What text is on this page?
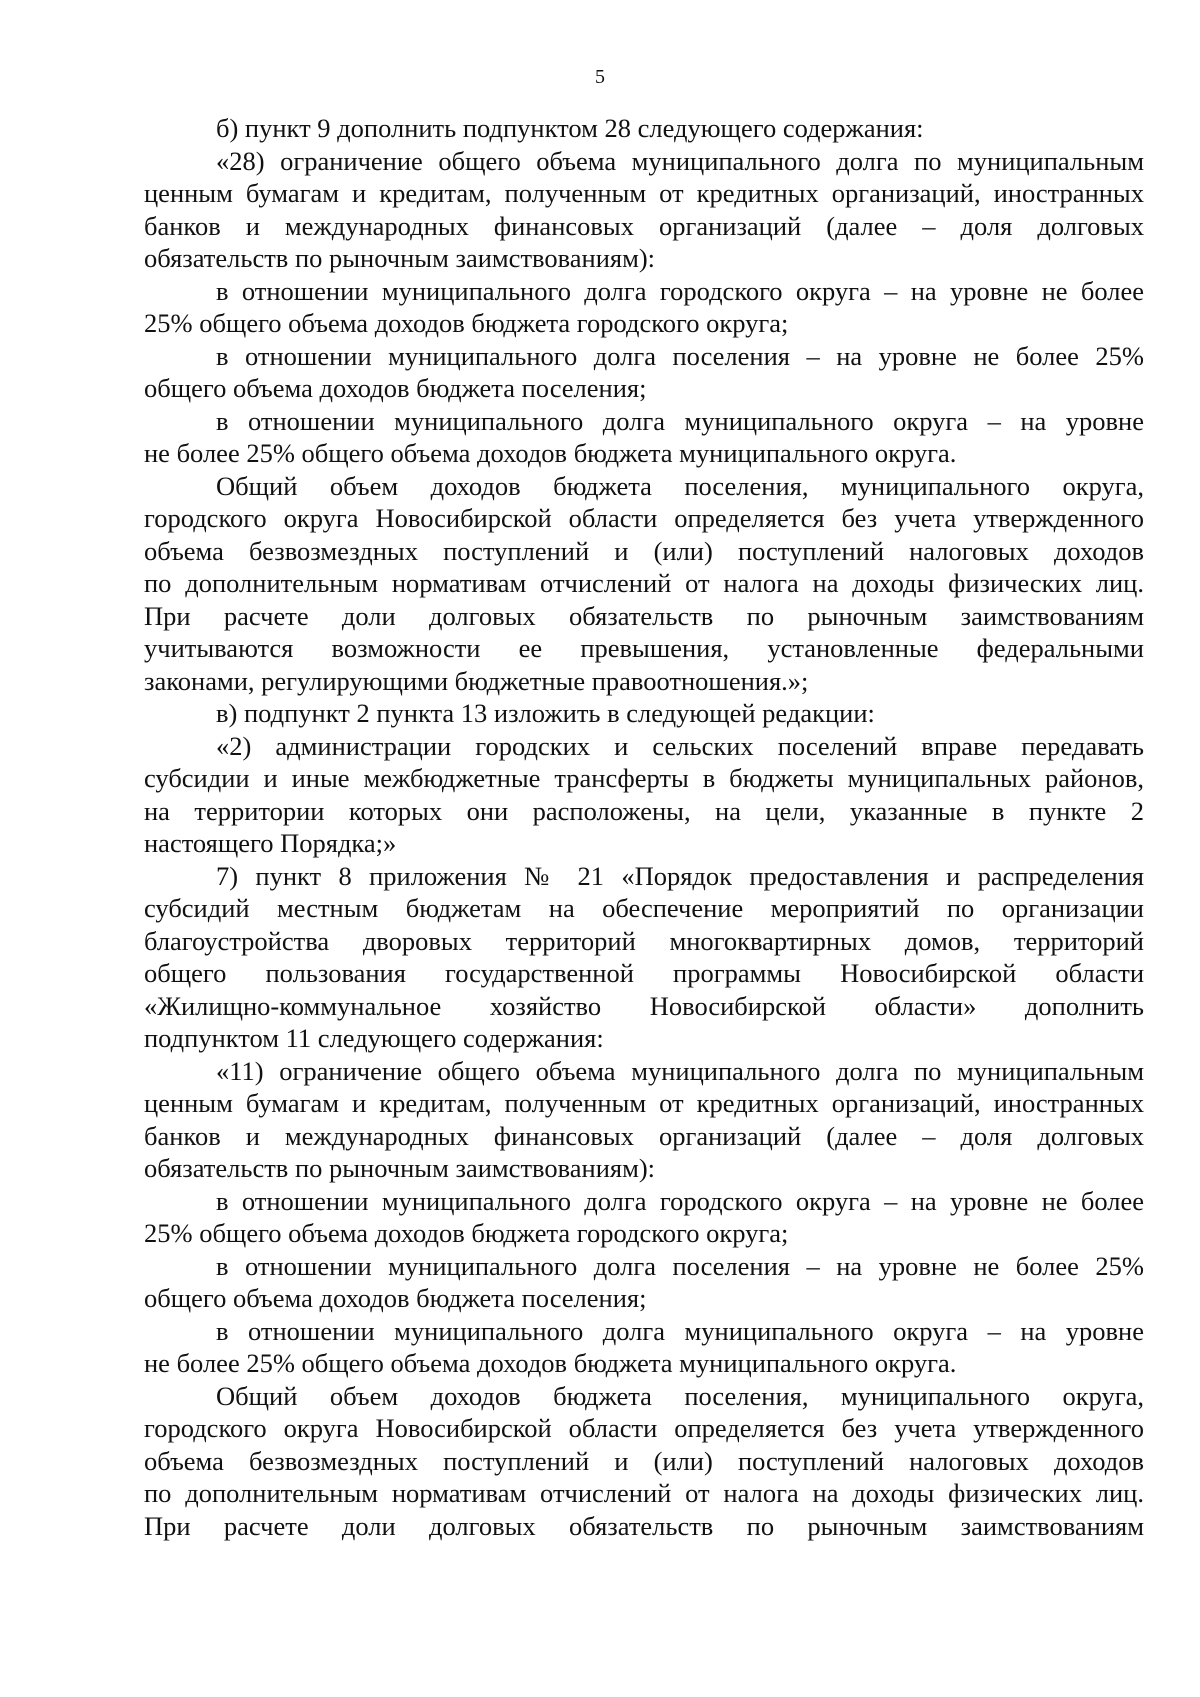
5
б) пункт 9 дополнить подпунктом 28 следующего содержания:
«28) ограничение общего объема муниципального долга по муниципальным
ценным бумагам и кредитам, полученным от кредитных организаций, иностранных
банков и международных финансовых организаций (далее – доля долговых
обязательств по рыночным заимствованиям):
в отношении муниципального долга городского округа – на уровне не более
25% общего объема доходов бюджета городского округа;
в отношении муниципального долга поселения – на уровне не более 25%
общего объема доходов бюджета поселения;
в отношении муниципального долга муниципального округа – на уровне
не более 25% общего объема доходов бюджета муниципального округа.
Общий объем доходов бюджета поселения, муниципального округа,
городского округа Новосибирской области определяется без учета утвержденного
объема безвозмездных поступлений и (или) поступлений налоговых доходов
по дополнительным нормативам отчислений от налога на доходы физических лиц.
При расчете доли долговых обязательств по рыночным заимствованиям
учитываются возможности ее превышения, установленные федеральными
законами, регулирующими бюджетные правоотношения.»;
в) подпункт 2 пункта 13 изложить в следующей редакции:
«2) администрации городских и сельских поселений вправе передавать
субсидии и иные межбюджетные трансферты в бюджеты муниципальных районов,
на территории которых они расположены, на цели, указанные в пункте 2
настоящего Порядка;»
7) пункт 8 приложения № 21 «Порядок предоставления и распределения
субсидий местным бюджетам на обеспечение мероприятий по организации
благоустройства дворовых территорий многоквартирных домов, территорий
общего пользования государственной программы Новосибирской области
«Жилищно-коммунальное хозяйство Новосибирской области» дополнить
подпунктом 11 следующего содержания:
«11) ограничение общего объема муниципального долга по муниципальным
ценным бумагам и кредитам, полученным от кредитных организаций, иностранных
банков и международных финансовых организаций (далее – доля долговых
обязательств по рыночным заимствованиям):
в отношении муниципального долга городского округа – на уровне не более
25% общего объема доходов бюджета городского округа;
в отношении муниципального долга поселения – на уровне не более 25%
общего объема доходов бюджета поселения;
в отношении муниципального долга муниципального округа – на уровне
не более 25% общего объема доходов бюджета муниципального округа.
Общий объем доходов бюджета поселения, муниципального округа,
городского округа Новосибирской области определяется без учета утвержденного
объема безвозмездных поступлений и (или) поступлений налоговых доходов
по дополнительным нормативам отчислений от налога на доходы физических лиц.
При расчете доли долговых обязательств по рыночным заимствованиям
